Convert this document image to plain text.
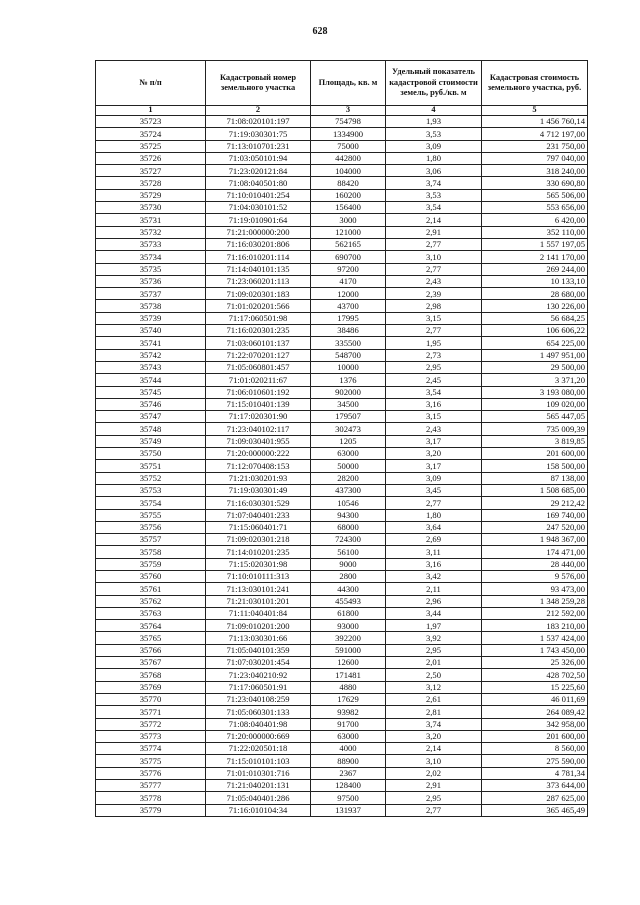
628
№ п/п	Кадастровый номер земельного участка	Площадь, кв. м	Удельный показатель кадастровой стоимости земель, руб./кв. м	Кадастровая стоимость земельного участка, руб.
1	2	3	4	5
35723	71:08:020101:197	754798	1,93	1 456 760,14
35724	71:19:030301:75	1334900	3,53	4 712 197,00
35725	71:13:010701:231	75000	3,09	231 750,00
35726	71:03:050101:94	442800	1,80	797 040,00
35727	71:23:020121:84	104000	3,06	318 240,00
35728	71:08:040501:80	88420	3,74	330 690,80
35729	71:10:010401:254	160200	3,53	565 506,00
35730	71:04:030101:52	156400	3,54	553 656,00
35731	71:19:010901:64	3000	2,14	6 420,00
35732	71:21:000000:200	121000	2,91	352 110,00
35733	71:16:030201:806	562165	2,77	1 557 197,05
35734	71:16:010201:114	690700	3,10	2 141 170,00
35735	71:14:040101:135	97200	2,77	269 244,00
35736	71:23:060201:113	4170	2,43	10 133,10
35737	71:09:020301:183	12000	2,39	28 680,00
35738	71:01:020201:566	43700	2,98	130 226,00
35739	71:17:060501:98	17995	3,15	56 684,25
35740	71:16:020301:235	38486	2,77	106 606,22
35741	71:03:060101:137	335500	1,95	654 225,00
35742	71:22:070201:127	548700	2,73	1 497 951,00
35743	71:05:060801:457	10000	2,95	29 500,00
35744	71:01:020211:67	1376	2,45	3 371,20
35745	71:06:010601:192	902000	3,54	3 193 080,00
35746	71:15:010401:139	34500	3,16	109 020,00
35747	71:17:020301:90	179507	3,15	565 447,05
35748	71:23:040102:117	302473	2,43	735 009,39
35749	71:09:030401:955	1205	3,17	3 819,85
35750	71:20:000000:222	63000	3,20	201 600,00
35751	71:12:070408:153	50000	3,17	158 500,00
35752	71:21:030201:93	28200	3,09	87 138,00
35753	71:19:030301:49	437300	3,45	1 508 685,00
35754	71:16:030301:529	10546	2,77	29 212,42
35755	71:07:040401:233	94300	1,80	169 740,00
35756	71:15:060401:71	68000	3,64	247 520,00
35757	71:09:020301:218	724300	2,69	1 948 367,00
35758	71:14:010201:235	56100	3,11	174 471,00
35759	71:15:020301:98	9000	3,16	28 440,00
35760	71:10:010111:313	2800	3,42	9 576,00
35761	71:13:030101:241	44300	2,11	93 473,00
35762	71:21:030101:201	455493	2,96	1 348 259,28
35763	71:11:040401:84	61800	3,44	212 592,00
35764	71:09:010201:200	93000	1,97	183 210,00
35765	71:13:030301:66	392200	3,92	1 537 424,00
35766	71:05:040101:359	591000	2,95	1 743 450,00
35767	71:07:030201:454	12600	2,01	25 326,00
35768	71:23:040210:92	171481	2,50	428 702,50
35769	71:17:060501:91	4880	3,12	15 225,60
35770	71:23:040108:259	17629	2,61	46 011,69
35771	71:05:060301:133	93982	2,81	264 089,42
35772	71:08:040401:98	91700	3,74	342 958,00
35773	71:20:000000:669	63000	3,20	201 600,00
35774	71:22:020501:18	4000	2,14	8 560,00
35775	71:15:010101:103	88900	3,10	275 590,00
35776	71:01:010301:716	2367	2,02	4 781,34
35777	71:21:040201:131	128400	2,91	373 644,00
35778	71:05:040401:286	97500	2,95	287 625,00
35779	71:16:010104:34	131937	2,77	365 465,49
